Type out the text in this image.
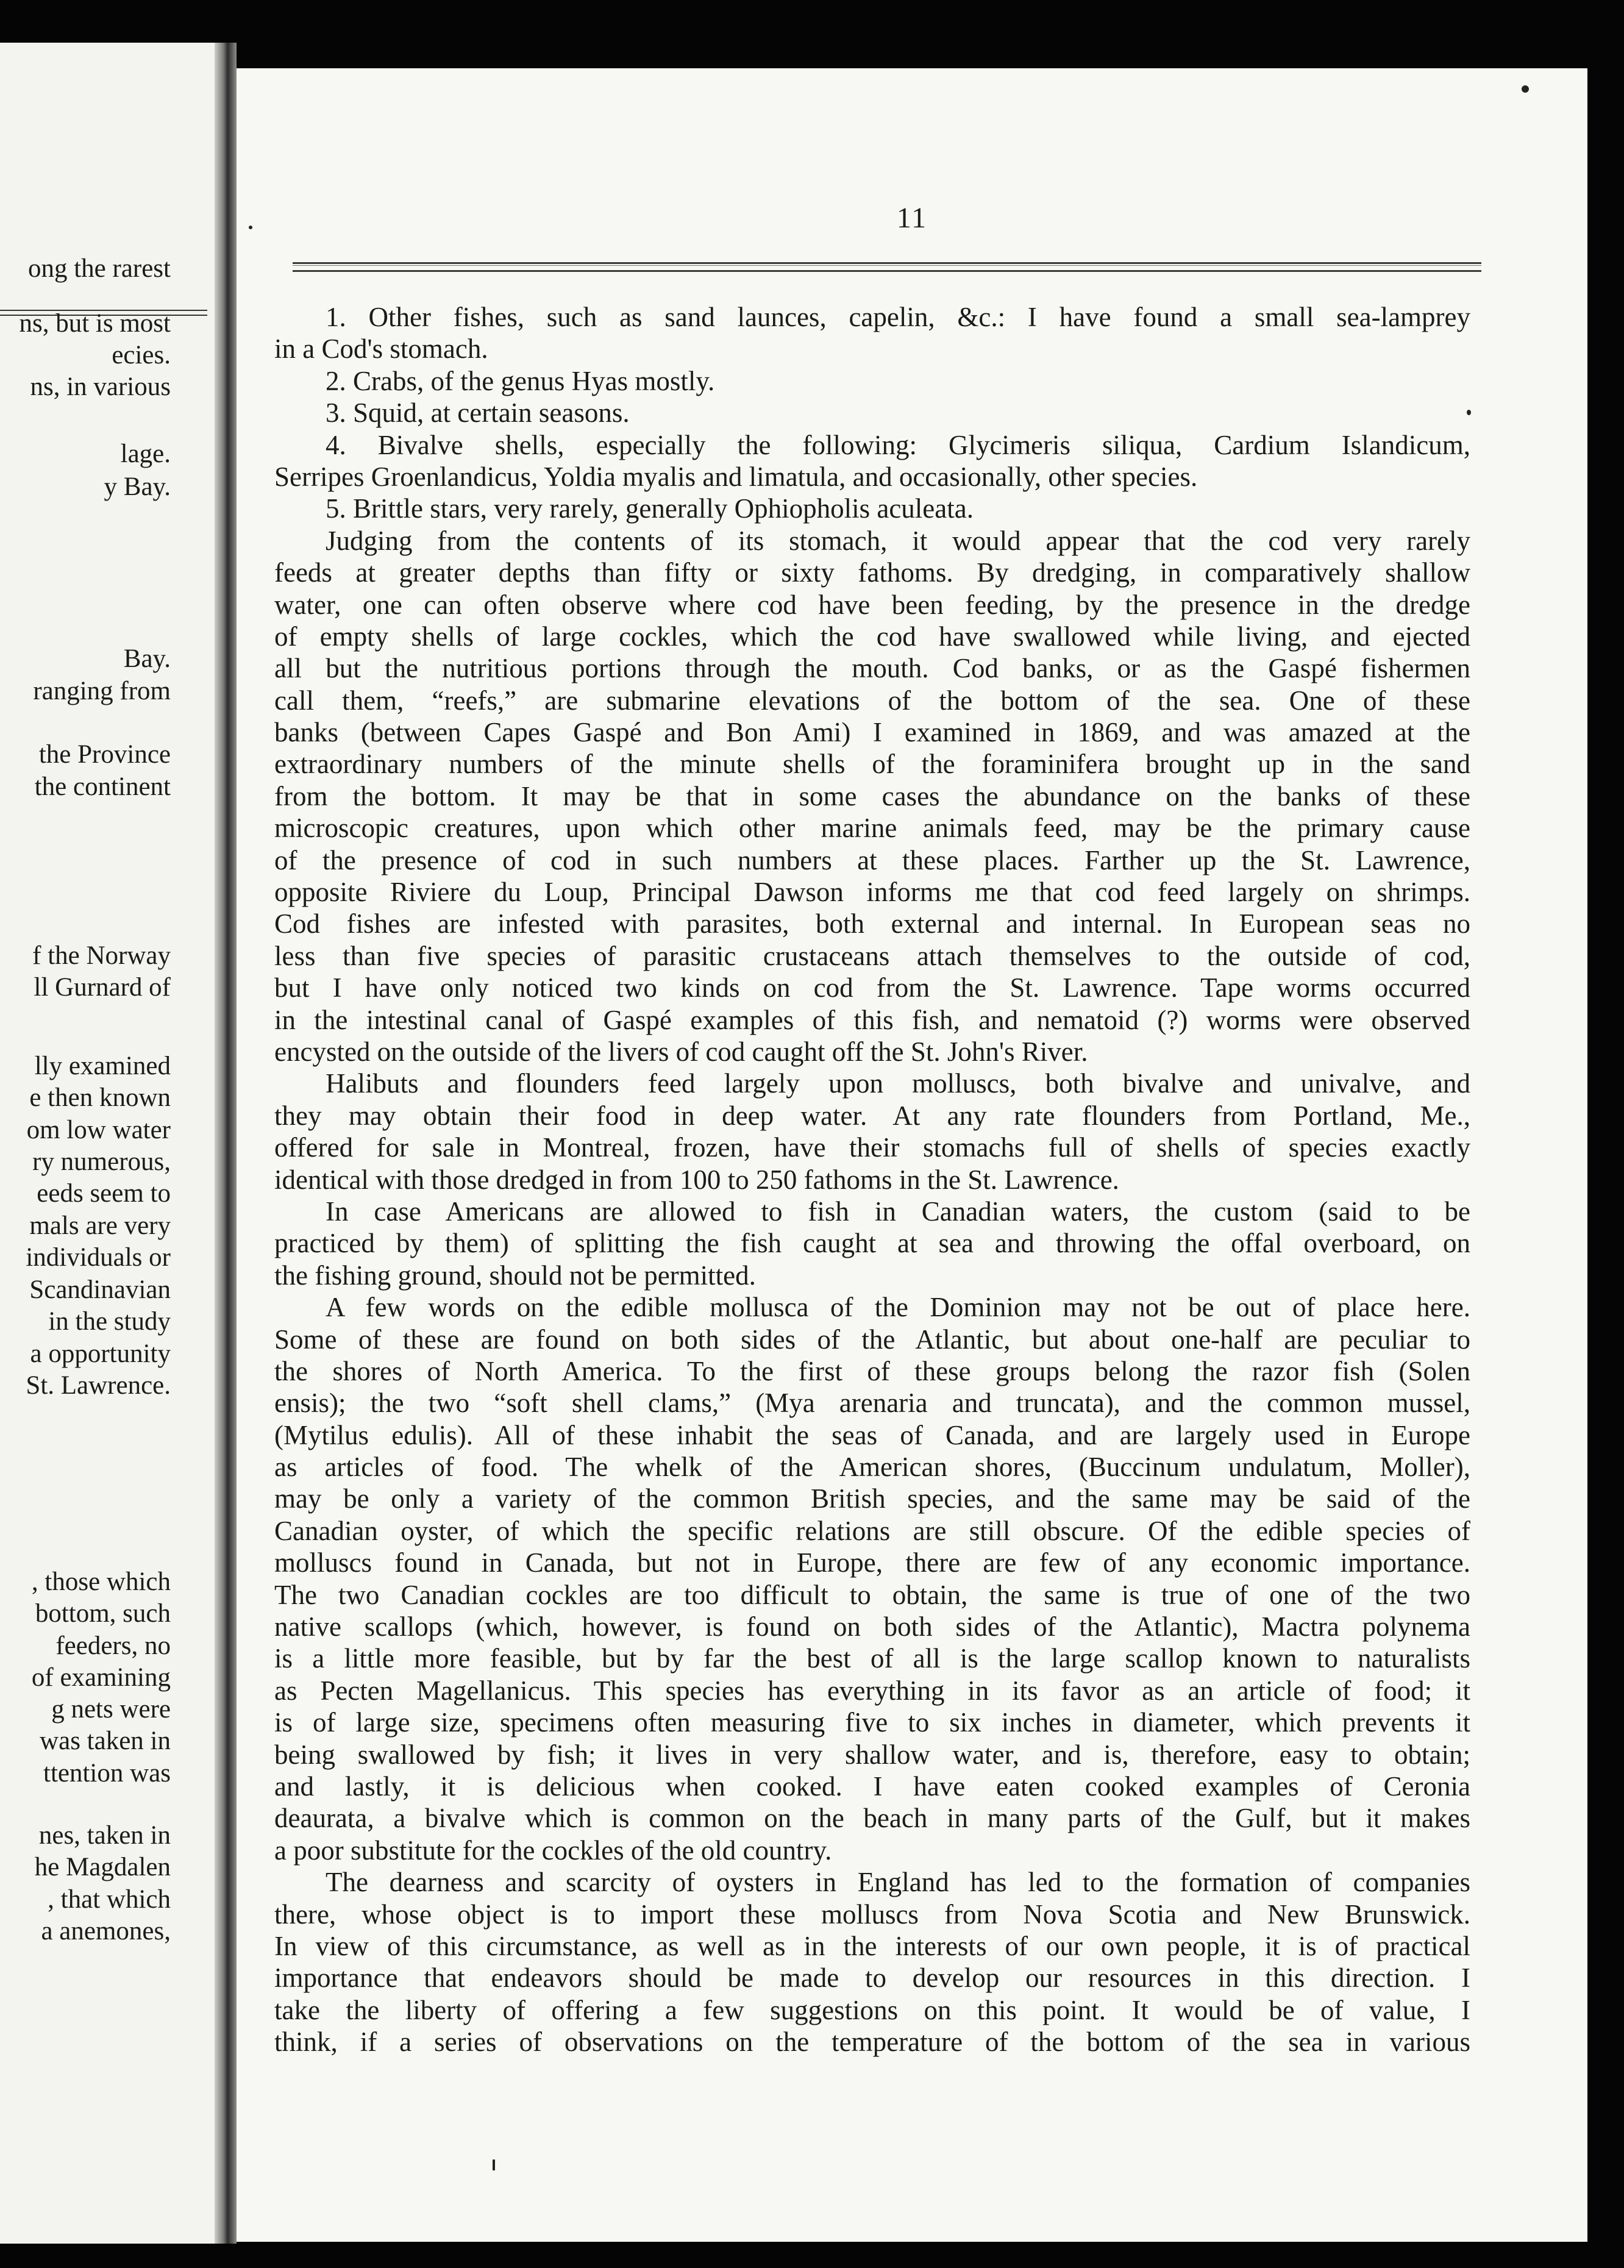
ong the rarest
ns, but is most
ecies.
ns, in various
lage.
y Bay.
Bay.
ranging from
the Province
the continent
f the Norway
ll Gurnard of
lly examined
e then known
om low water
ry numerous,
eeds seem to
mals are very
individuals or
Scandinavian
in the study
a opportunity
St. Lawrence.
, those which
bottom, such
feeders, no
of examining
g nets were
was taken in
ttention was
nes, taken in
he Magdalen
, that which
a anemones,
11
1. Other fishes, such as sand launces, capelin, &c.: I have found a small sea-lamprey
in a Cod's stomach.
2. Crabs, of the genus Hyas mostly.
3. Squid, at certain seasons.
4. Bivalve shells, especially the following: Glycimeris siliqua, Cardium Islandicum,
Serripes Groenlandicus, Yoldia myalis and limatula, and occasionally, other species.
5. Brittle stars, very rarely, generally Ophiopholis aculeata.
Judging from the contents of its stomach, it would appear that the cod very rarely
feeds at greater depths than fifty or sixty fathoms. By dredging, in comparatively shallow
water, one can often observe where cod have been feeding, by the presence in the dredge
of empty shells of large cockles, which the cod have swallowed while living, and ejected
all but the nutritious portions through the mouth. Cod banks, or as the Gaspé fishermen
call them, “reefs,” are submarine elevations of the bottom of the sea. One of these
banks (between Capes Gaspé and Bon Ami) I examined in 1869, and was amazed at the
extraordinary numbers of the minute shells of the foraminifera brought up in the sand
from the bottom. It may be that in some cases the abundance on the banks of these
microscopic creatures, upon which other marine animals feed, may be the primary cause
of the presence of cod in such numbers at these places. Farther up the St. Lawrence,
opposite Riviere du Loup, Principal Dawson informs me that cod feed largely on shrimps.
Cod fishes are infested with parasites, both external and internal. In European seas no
less than five species of parasitic crustaceans attach themselves to the outside of cod,
but I have only noticed two kinds on cod from the St. Lawrence. Tape worms occurred
in the intestinal canal of Gaspé examples of this fish, and nematoid (?) worms were observed
encysted on the outside of the livers of cod caught off the St. John's River.
Halibuts and flounders feed largely upon molluscs, both bivalve and univalve, and
they may obtain their food in deep water. At any rate flounders from Portland, Me.,
offered for sale in Montreal, frozen, have their stomachs full of shells of species exactly
identical with those dredged in from 100 to 250 fathoms in the St. Lawrence.
In case Americans are allowed to fish in Canadian waters, the custom (said to be
practiced by them) of splitting the fish caught at sea and throwing the offal overboard, on
the fishing ground, should not be permitted.
A few words on the edible mollusca of the Dominion may not be out of place here.
Some of these are found on both sides of the Atlantic, but about one-half are peculiar to
the shores of North America. To the first of these groups belong the razor fish (Solen
ensis); the two “soft shell clams,” (Mya arenaria and truncata), and the common mussel,
(Mytilus edulis). All of these inhabit the seas of Canada, and are largely used in Europe
as articles of food. The whelk of the American shores, (Buccinum undulatum, Moller),
may be only a variety of the common British species, and the same may be said of the
Canadian oyster, of which the specific relations are still obscure. Of the edible species of
molluscs found in Canada, but not in Europe, there are few of any economic importance.
The two Canadian cockles are too difficult to obtain, the same is true of one of the two
native scallops (which, however, is found on both sides of the Atlantic), Mactra polynema
is a little more feasible, but by far the best of all is the large scallop known to naturalists
as Pecten Magellanicus. This species has everything in its favor as an article of food; it
is of large size, specimens often measuring five to six inches in diameter, which prevents it
being swallowed by fish; it lives in very shallow water, and is, therefore, easy to obtain;
and lastly, it is delicious when cooked. I have eaten cooked examples of Ceronia
deaurata, a bivalve which is common on the beach in many parts of the Gulf, but it makes
a poor substitute for the cockles of the old country.
The dearness and scarcity of oysters in England has led to the formation of companies
there, whose object is to import these molluscs from Nova Scotia and New Brunswick.
In view of this circumstance, as well as in the interests of our own people, it is of practical
importance that endeavors should be made to develop our resources in this direction. I
take the liberty of offering a few suggestions on this point. It would be of value, I
think, if a series of observations on the temperature of the bottom of the sea in various
